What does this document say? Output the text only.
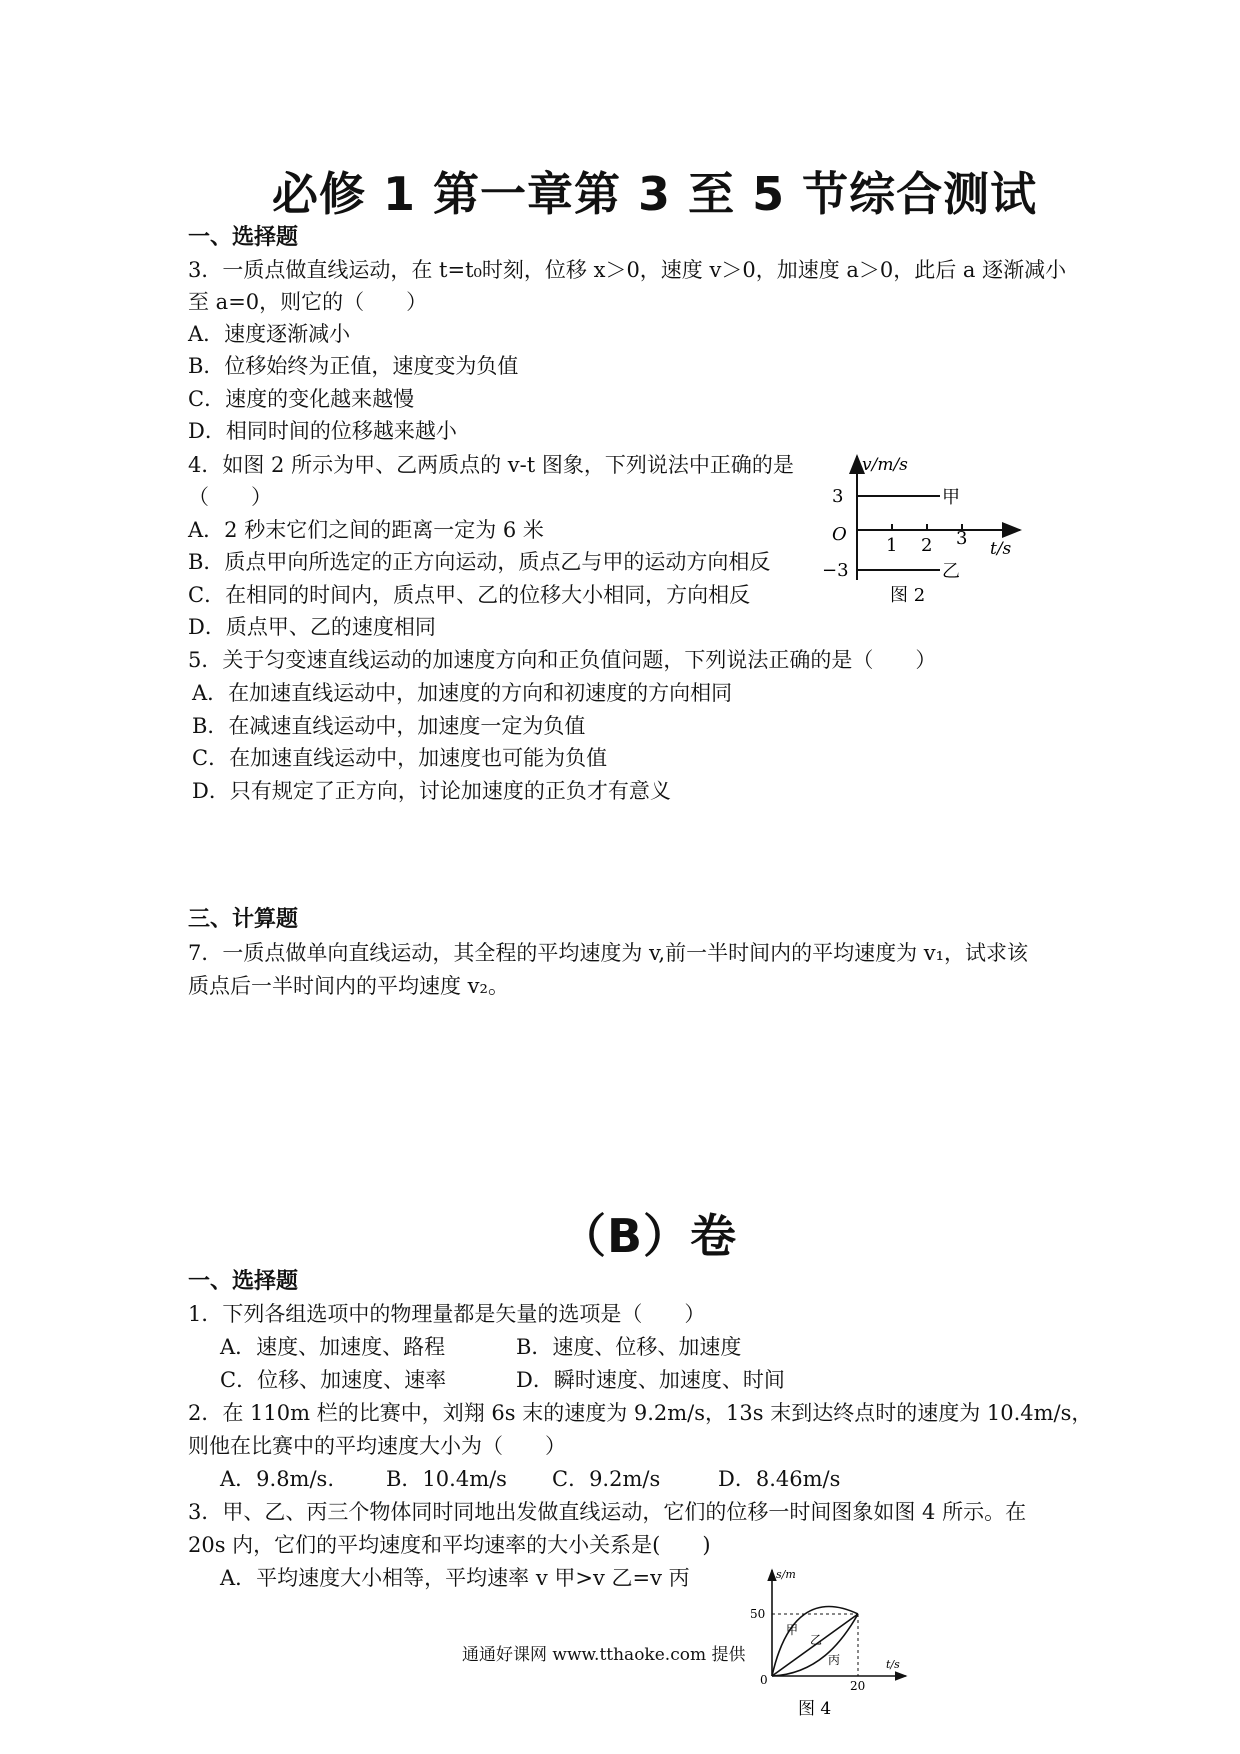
必修 1 第一章第 3 至 5 节综合测试
一、选择题
3．一质点做直线运动，在 t=t₀时刻，位移 x＞0，速度 v＞0，加速度 a＞0，此后 a 逐渐减小
至 a=0，则它的（　　）
A．速度逐渐减小
B．位移始终为正值，速度变为负值
C．速度的变化越来越慢
D．相同时间的位移越来越小
4．如图 2 所示为甲、乙两质点的 v-t 图象，下列说法中正确的是
（　　）
A．2 秒末它们之间的距离一定为 6 米
B．质点甲向所选定的正方向运动，质点乙与甲的运动方向相反
C．在相同的时间内，质点甲、乙的位移大小相同，方向相反
D．质点甲、乙的速度相同
v/m/s
3
−3
O
1 2 3 t/s
甲
乙
图 2
5．关于匀变速直线运动的加速度方向和正负值问题，下列说法正确的是（　　）
A．在加速直线运动中，加速度的方向和初速度的方向相同
B．在减速直线运动中，加速度一定为负值
C．在加速直线运动中，加速度也可能为负值
D．只有规定了正方向，讨论加速度的正负才有意义
三、计算题
7．一质点做单向直线运动，其全程的平均速度为 v,前一半时间内的平均速度为 v₁，试求该
质点后一半时间内的平均速度 v₂。
（B）卷
一、选择题
1．下列各组选项中的物理量都是矢量的选项是（　　）
A．速度、加速度、路程	B．速度、位移、加速度
C．位移、加速度、速率	D．瞬时速度、加速度、时间
2．在 110m 栏的比赛中，刘翔 6s 末的速度为 9.2m/s，13s 末到达终点时的速度为 10.4m/s，
则他在比赛中的平均速度大小为（　　）
A．9.8m/s. B．10.4m/s C．9.2m/s	D．8.46m/s
3．甲、乙、丙三个物体同时同地出发做直线运动，它们的位移一时间图象如图 4 所示。在
20s 内，它们的平均速度和平均速率的大小关系是(　　)
A．平均速度大小相等，平均速率 v 甲>v 乙=v 丙	s/m
50
0	20
t/s
甲
乙
丙
图 4
通通好课网 www.tthaoke.com 提供
